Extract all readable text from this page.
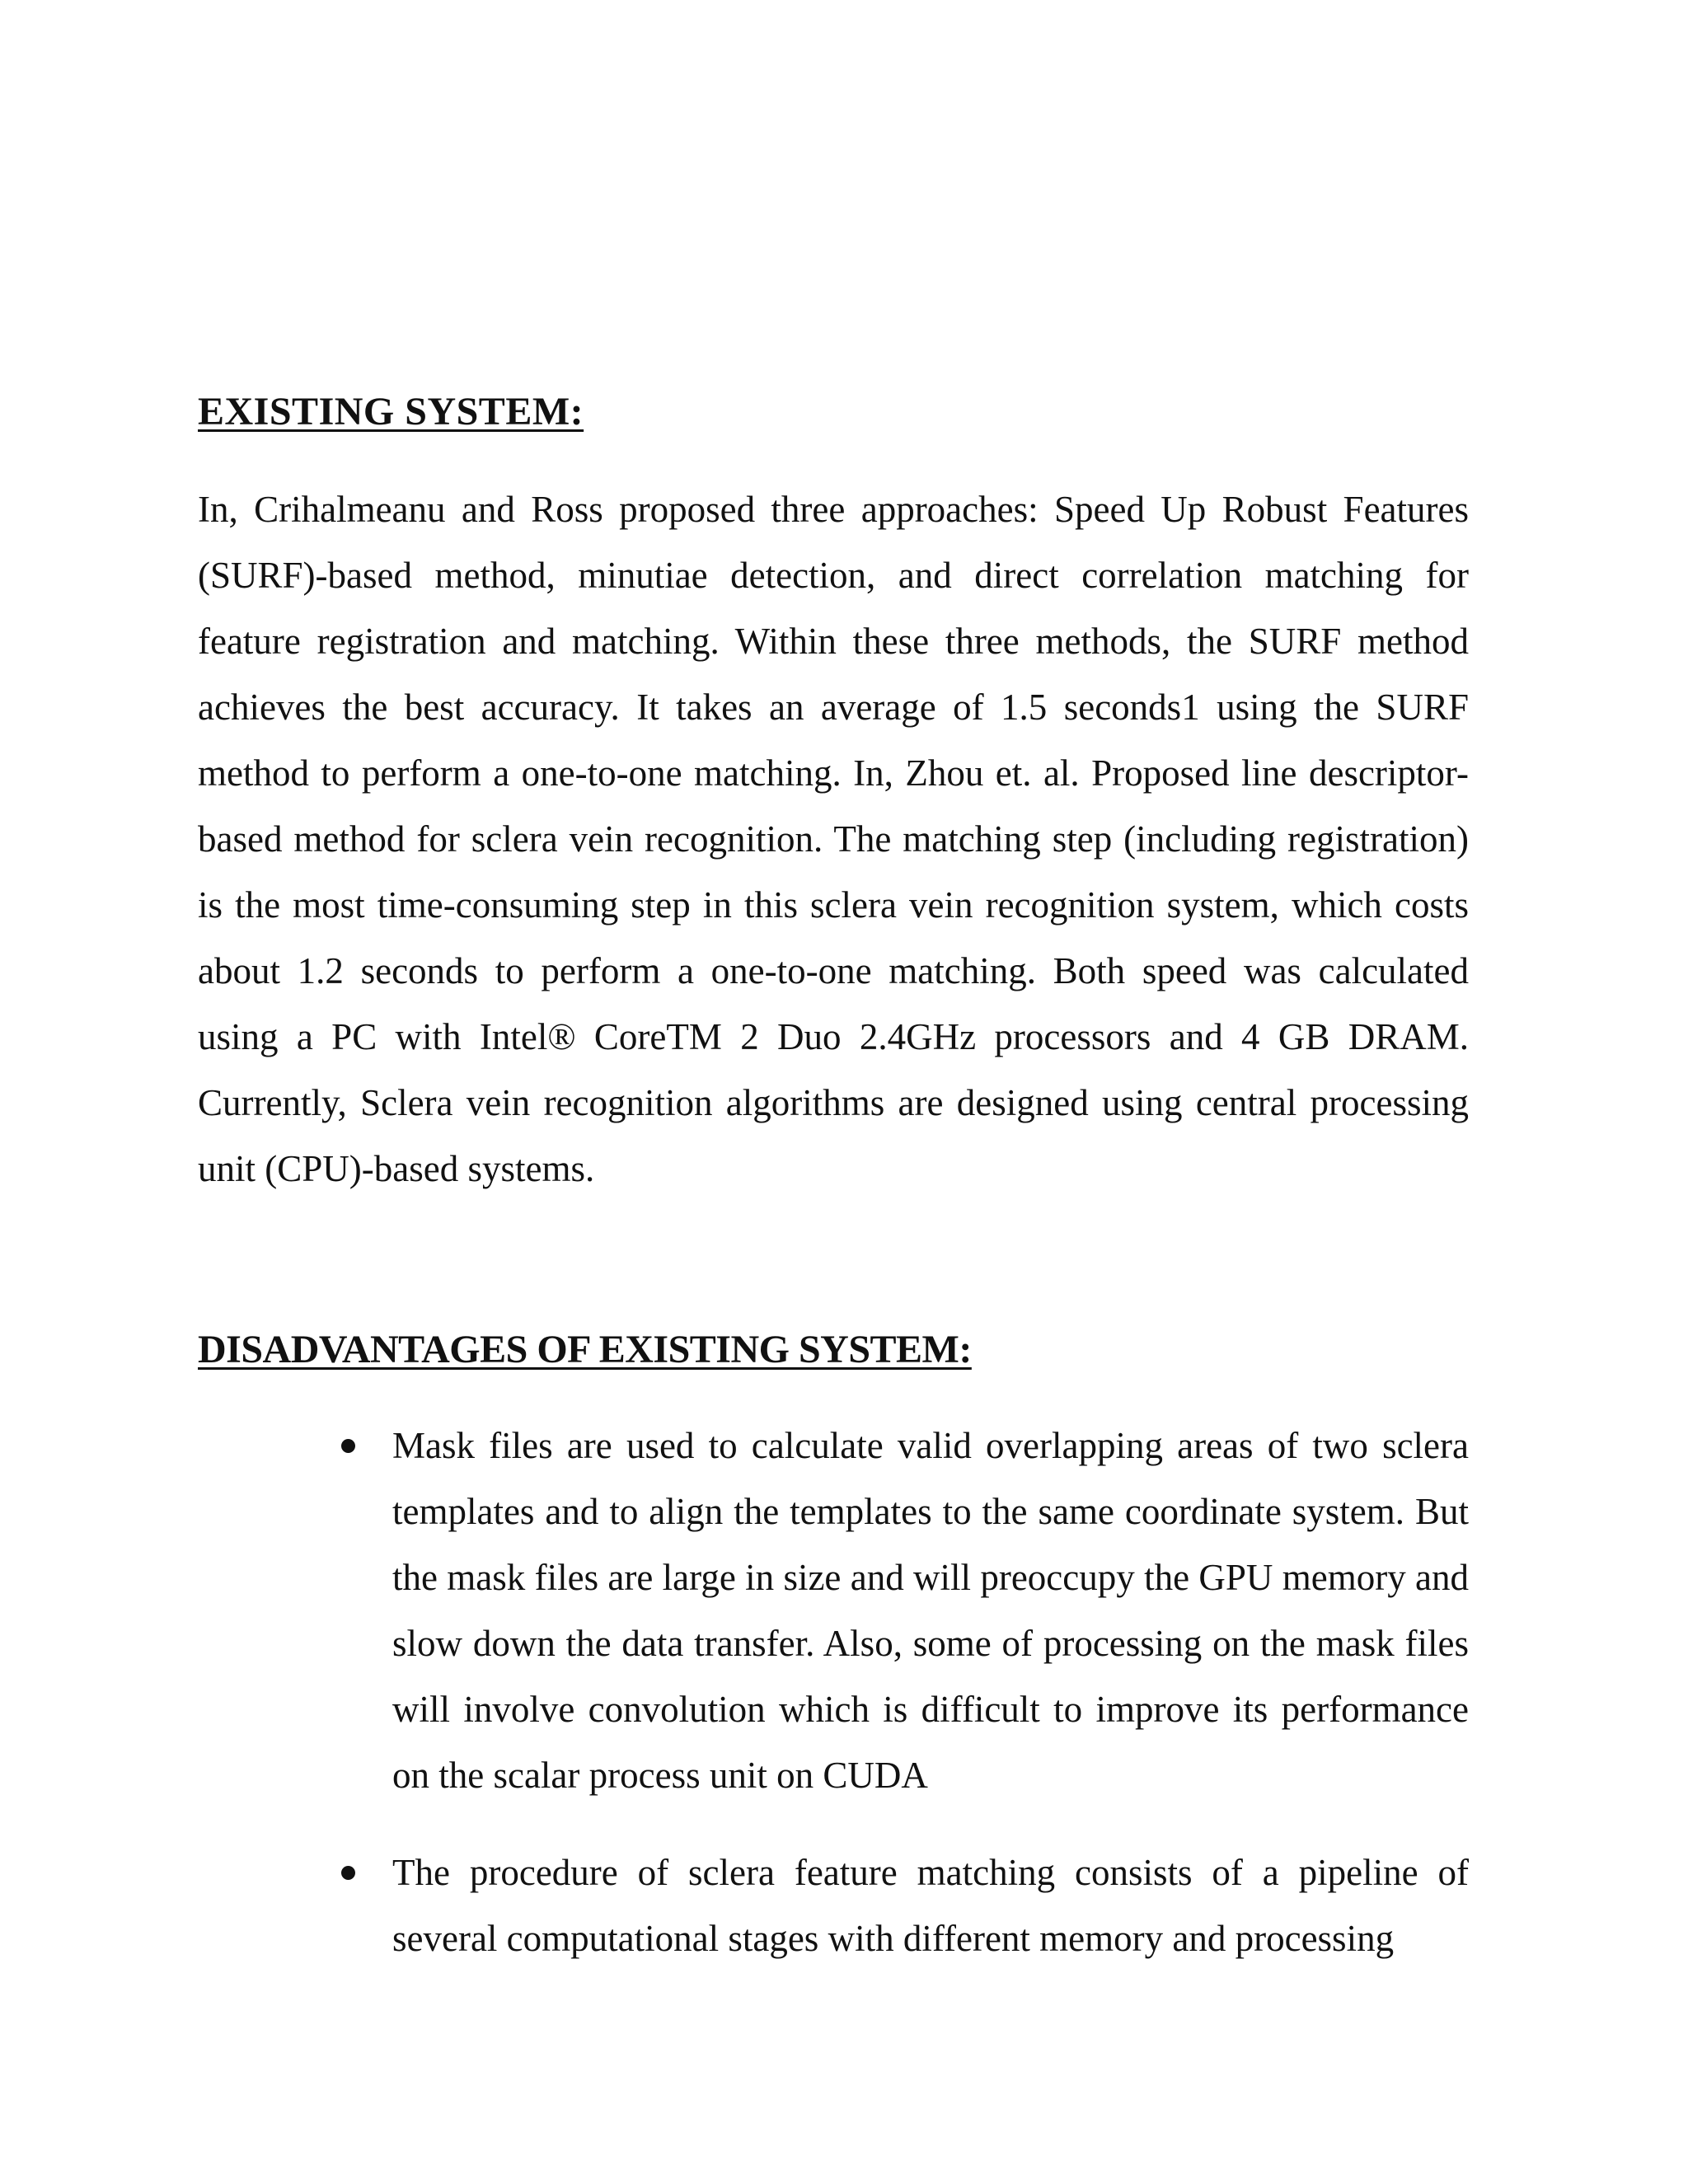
EXISTING SYSTEM:

In, Crihalmeanu and Ross proposed three approaches: Speed Up Robust Features (SURF)-based method, minutiae detection, and direct correlation matching for feature registration and matching. Within these three methods, the SURF method achieves the best accuracy. It takes an average of 1.5 seconds1 using the SURF method to perform a one-to-one matching. In, Zhou et. al. Proposed line descriptor-based method for sclera vein recognition. The matching step (including registration) is the most time-consuming step in this sclera vein recognition system, which costs about 1.2 seconds to perform a one-to-one matching. Both speed was calculated using a PC with Intel® CoreTM 2 Duo 2.4GHz processors and 4 GB DRAM. Currently, Sclera vein recognition algorithms are designed using central processing unit (CPU)-based systems.

DISADVANTAGES OF EXISTING SYSTEM:
Mask files are used to calculate valid overlapping areas of two sclera templates and to align the templates to the same coordinate system. But the mask files are large in size and will preoccupy the GPU memory and slow down the data transfer. Also, some of processing on the mask files will involve convolution which is difficult to improve its performance on the scalar process unit on CUDA
The procedure of sclera feature matching consists of a pipeline of several computational stages with different memory and processing
